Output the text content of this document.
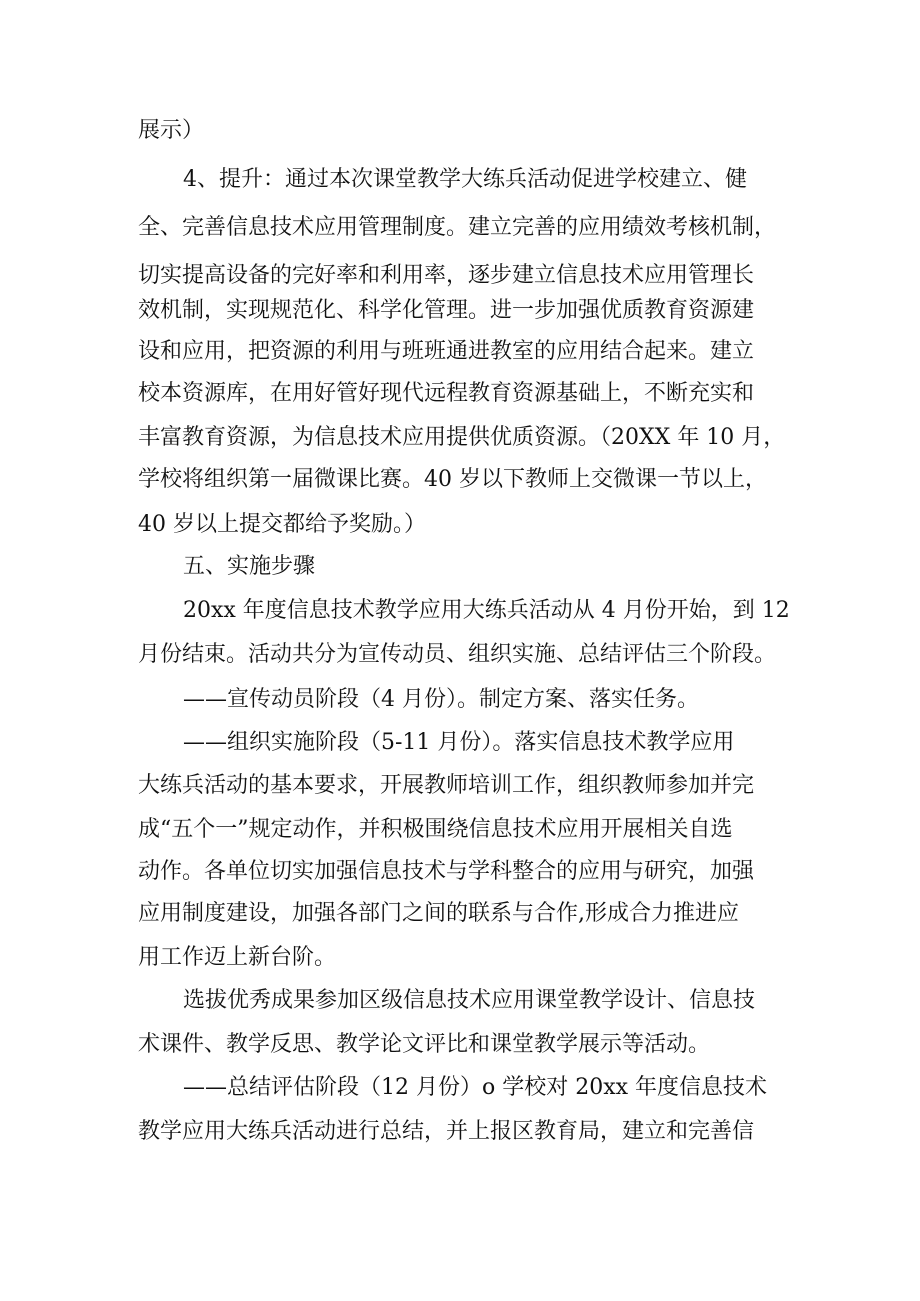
展示）

4、提升：通过本次课堂教学大练兵活动促进学校建立、健

全、完善信息技术应用管理制度。建立完善的应用绩效考核机制，

切实提高设备的完好率和利用率，逐步建立信息技术应用管理长

效机制，实现规范化、科学化管理。进一步加强优质教育资源建

设和应用，把资源的利用与班班通进教室的应用结合起来。建立

校本资源库，在用好管好现代远程教育资源基础上，不断充实和

丰富教育资源，为信息技术应用提供优质资源。（20XX 年 10 月，

学校将组织第一届微课比赛。40 岁以下教师上交微课一节以上，

40 岁以上提交都给予奖励。）

五、实施步骤

20xx 年度信息技术教学应用大练兵活动从 4 月份开始，到 12

月份结束。活动共分为宣传动员、组织实施、总结评估三个阶段。

——宣传动员阶段（4 月份）。制定方案、落实任务。

——组织实施阶段（5-11 月份）。落实信息技术教学应用

大练兵活动的基本要求，开展教师培训工作，组织教师参加并完

成“五个一”规定动作，并积极围绕信息技术应用开展相关自选

动作。各单位切实加强信息技术与学科整合的应用与研究，加强

应用制度建设，加强各部门之间的联系与合作,形成合力推进应

用工作迈上新台阶。

选拔优秀成果参加区级信息技术应用课堂教学设计、信息技

术课件、教学反思、教学论文评比和课堂教学展示等活动。

——总结评估阶段（12 月份）o 学校对 20xx 年度信息技术

教学应用大练兵活动进行总结，并上报区教育局，建立和完善信
